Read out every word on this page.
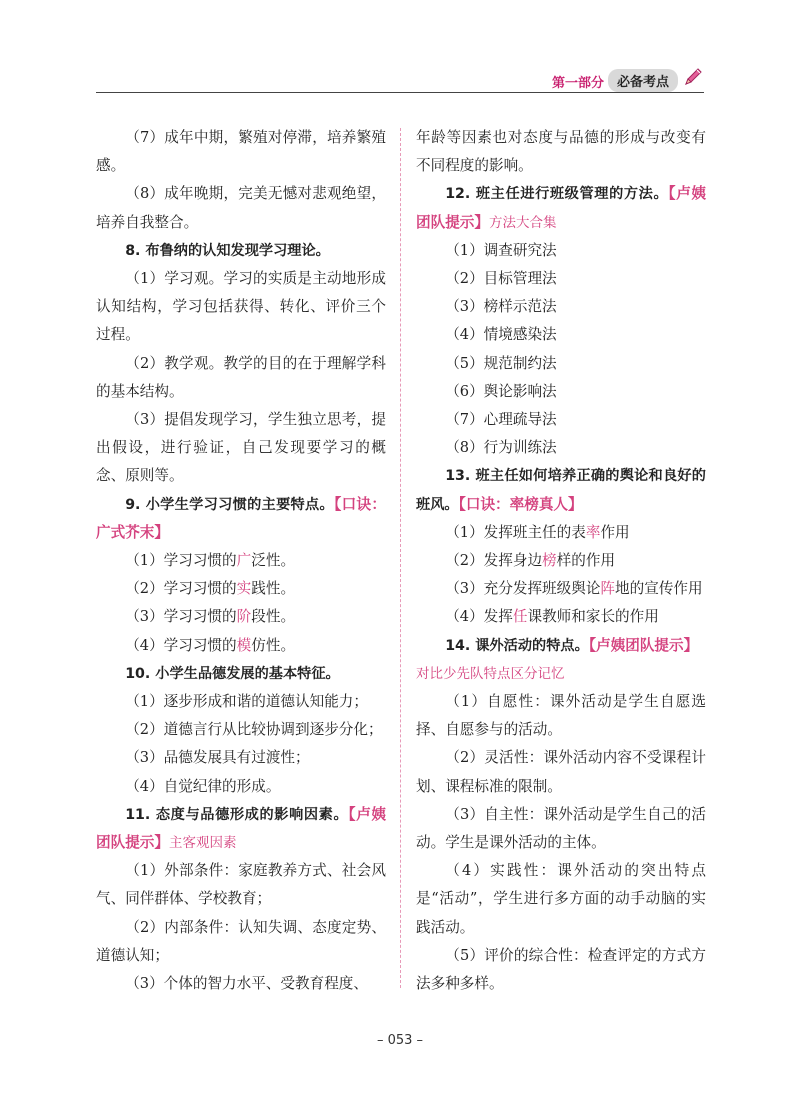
第一部分 必备考点

（7）成年中期，繁殖对停滞，培养繁殖感。

（8）成年晚期，完美无憾对悲观绝望，培养自我整合。

8. 布鲁纳的认知发现学习理论。

（1）学习观。学习的实质是主动地形成认知结构，学习包括获得、转化、评价三个过程。

（2）教学观。教学的目的在于理解学科的基本结构。

（3）提倡发现学习，学生独立思考，提出假设，进行验证，自己发现要学习的概念、原则等。

9. 小学生学习习惯的主要特点。【口诀：广式芥末】

（1）学习习惯的广泛性。

（2）学习习惯的实践性。

（3）学习习惯的阶段性。

（4）学习习惯的模仿性。

10. 小学生品德发展的基本特征。

（1）逐步形成和谐的道德认知能力；

（2）道德言行从比较协调到逐步分化；

（3）品德发展具有过渡性；

（4）自觉纪律的形成。

11. 态度与品德形成的影响因素。【卢姨团队提示】主客观因素

（1）外部条件：家庭教养方式、社会风气、同伴群体、学校教育；

（2）内部条件：认知失调、态度定势、道德认知；

（3）个体的智力水平、受教育程度、

年龄等因素也对态度与品德的形成与改变有不同程度的影响。

12. 班主任进行班级管理的方法。【卢姨团队提示】方法大合集

（1）调查研究法

（2）目标管理法

（3）榜样示范法

（4）情境感染法

（5）规范制约法

（6）舆论影响法

（7）心理疏导法

（8）行为训练法

13. 班主任如何培养正确的舆论和良好的班风。【口诀：率榜真人】

（1）发挥班主任的表率作用

（2）发挥身边榜样的作用

（3）充分发挥班级舆论阵地的宣传作用

（4）发挥任课教师和家长的作用

14. 课外活动的特点。【卢姨团队提示】

对比少先队特点区分记忆

（1）自愿性：课外活动是学生自愿选择、自愿参与的活动。

（2）灵活性：课外活动内容不受课程计划、课程标准的限制。

（3）自主性：课外活动是学生自己的活动。学生是课外活动的主体。

（4）实践性：课外活动的突出特点是“活动”，学生进行多方面的动手动脑的实践活动。

（5）评价的综合性：检查评定的方式方法多种多样。

– 053 –
